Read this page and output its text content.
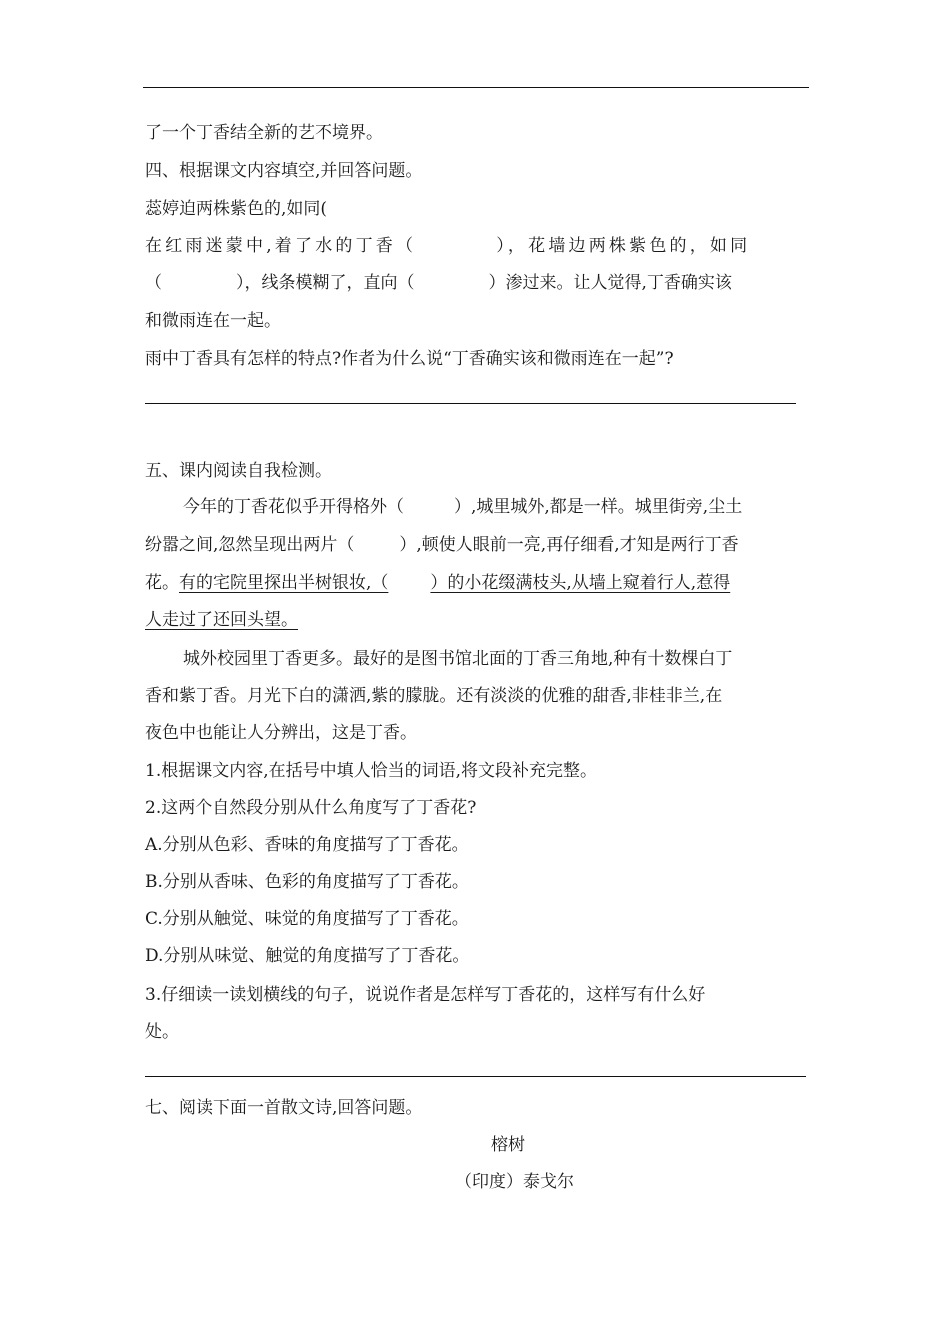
了一个丁香结全新的艺不境界。
四、根据课文内容填空,并回答问题。
蕊婷迫两株紫色的,如同(
在红雨迷蒙中,着了水的丁香（	），花墙边两株紫色的，如同
（	），线条模糊了，直向（	）渗过来。让人觉得,丁香确实该
和微雨连在一起。
雨中丁香具有怎样的特点?作者为什么说“丁香确实该和微雨连在一起”?
五、课内阅读自我检测。
今年的丁香花似乎开得格外（	）,城里城外,都是一样。城里街旁,尘土
纷嚣之间,忽然呈现出两片（	）,顿使人眼前一亮,再仔细看,才知是两行丁香
花。有的宅院里探出半树银妆,（ ）的小花缀满枝头,从墙上窥着行人,惹得
人走过了还回头望。
城外校园里丁香更多。最好的是图书馆北面的丁香三角地,种有十数棵白丁
香和紫丁香。月光下白的潇洒,紫的朦胧。还有淡淡的优雅的甜香,非桂非兰,在
夜色中也能让人分辨出，这是丁香。
1.根据课文内容,在括号中填人恰当的词语,将文段补充完整。
2.这两个自然段分别从什么角度写了丁香花?
A.分别从色彩、香味的角度描写了丁香花。
B.分别从香味、色彩的角度描写了丁香花。
C.分别从触觉、味觉的角度描写了丁香花。
D.分别从味觉、触觉的角度描写了丁香花。
3.仔细读一读划横线的句子，说说作者是怎样写丁香花的，这样写有什么好
处。
七、阅读下面一首散文诗,回答问题。
榕树
（印度）泰戈尔
